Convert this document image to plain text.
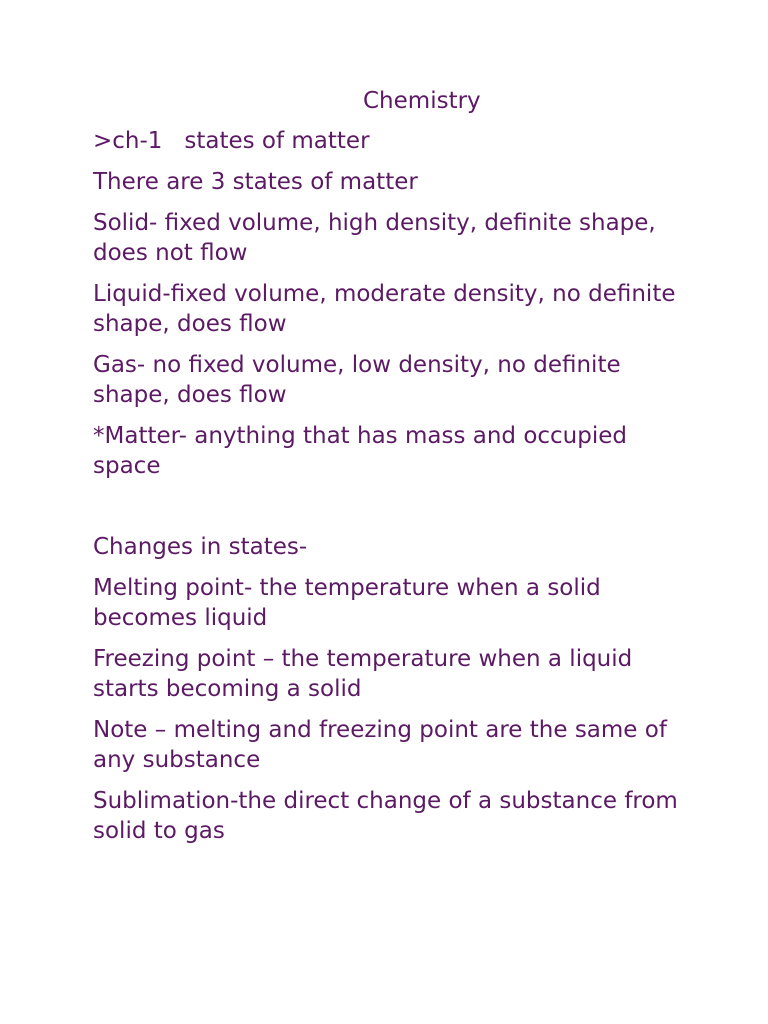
Chemistry
>ch-1   states of matter
There are 3 states of matter
Solid- fixed volume, high density, definite shape, does not flow
Liquid-fixed volume, moderate density, no definite shape, does flow
Gas- no fixed volume, low density, no definite shape, does flow
*Matter- anything that has mass and occupied space
Changes in states-
Melting point- the temperature when a solid becomes liquid
Freezing point – the temperature when a liquid starts becoming a solid
Note – melting and freezing point are the same of any substance
Sublimation-the direct change of a substance from solid to gas
